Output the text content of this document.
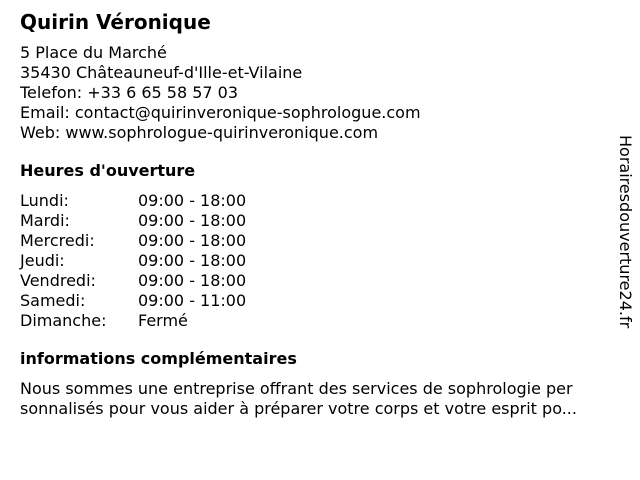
Quirin Véronique
5 Place du Marché
35430 Châteauneuf-d'Ille-et-Vilaine
Telefon: +33 6 65 58 57 03
Email: contact@quirinveronique-sophrologue.com
Web: www.sophrologue-quirinveronique.com
Heures d'ouverture
Lundi:	09:00 - 18:00
Mardi:	09:00 - 18:00
Mercredi:	09:00 - 18:00
Jeudi:	09:00 - 18:00
Vendredi:	09:00 - 18:00
Samedi:	09:00 - 11:00
Dimanche:	Fermé
informations complémentaires
Nous sommes une entreprise offrant des services de sophrologie per
sonnalisés pour vous aider à préparer votre corps et votre esprit po...
Horairesdouverture24.fr
